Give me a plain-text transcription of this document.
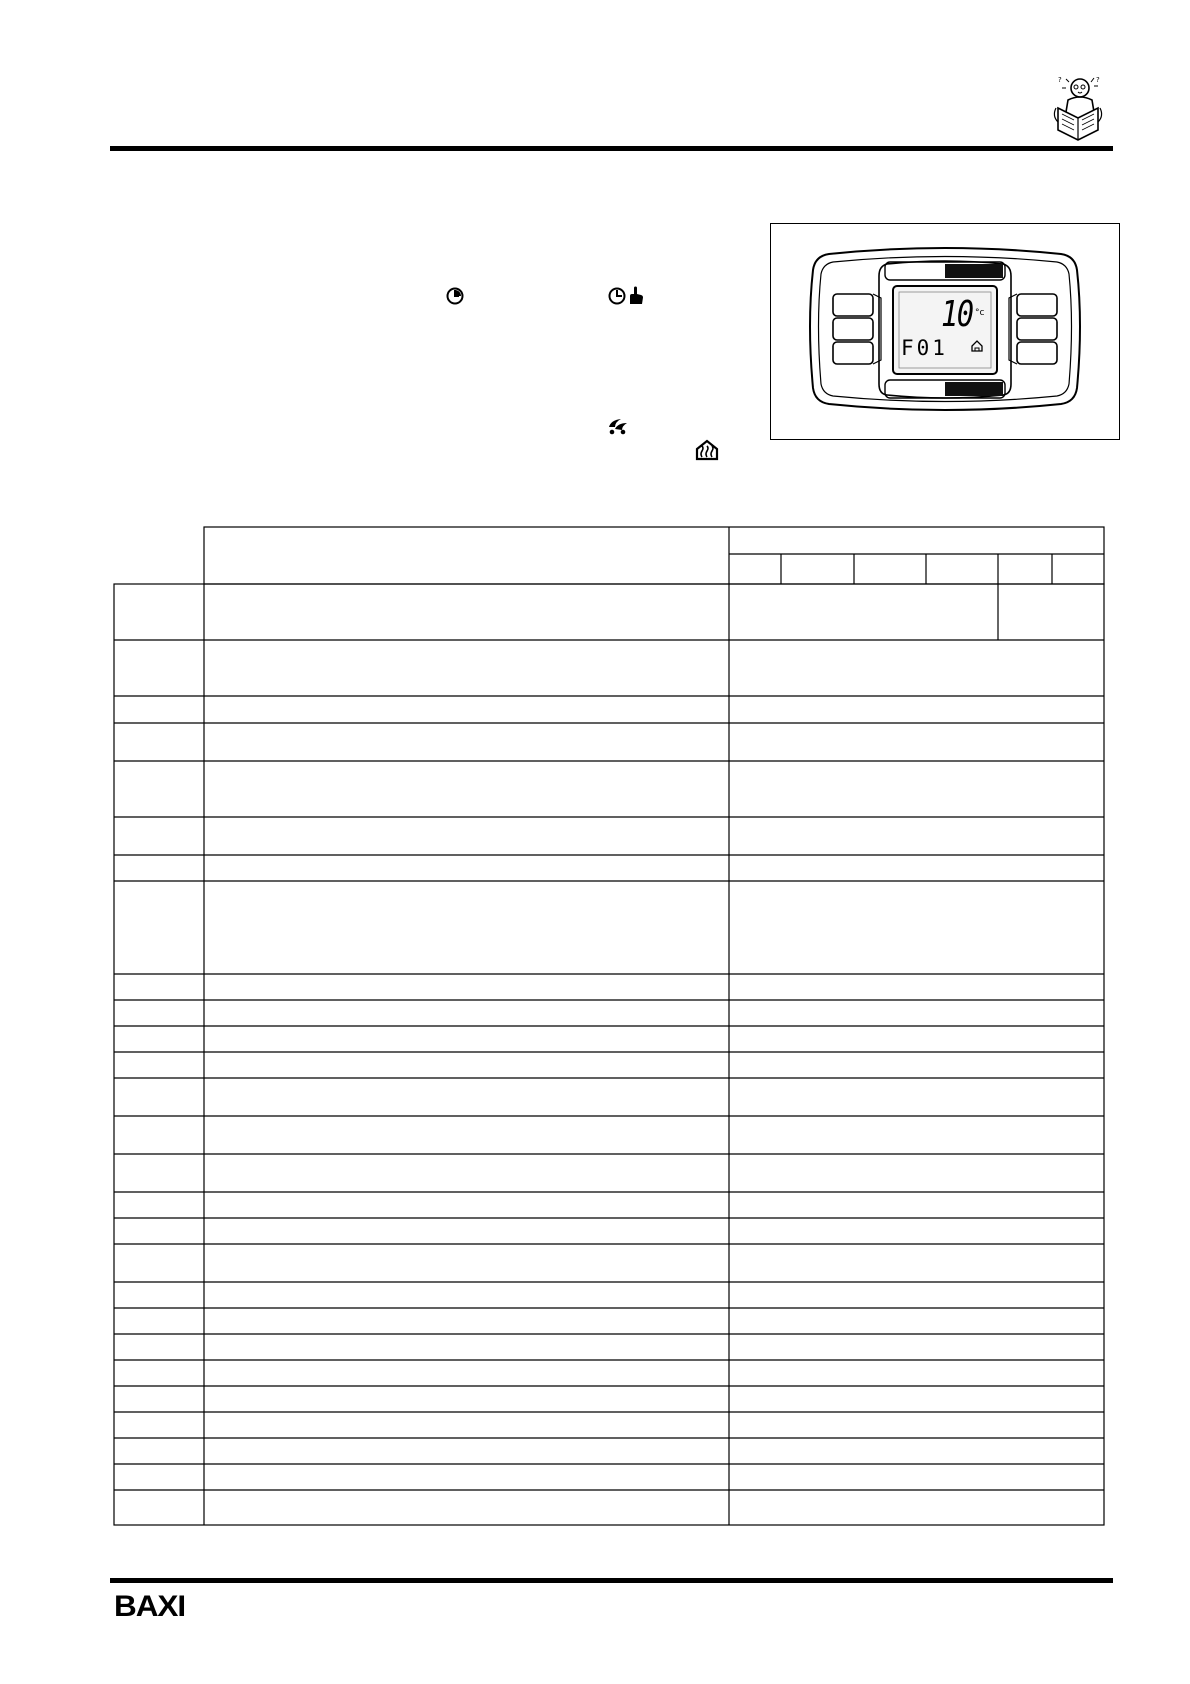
?	?
10 °c
F01
BAXI
